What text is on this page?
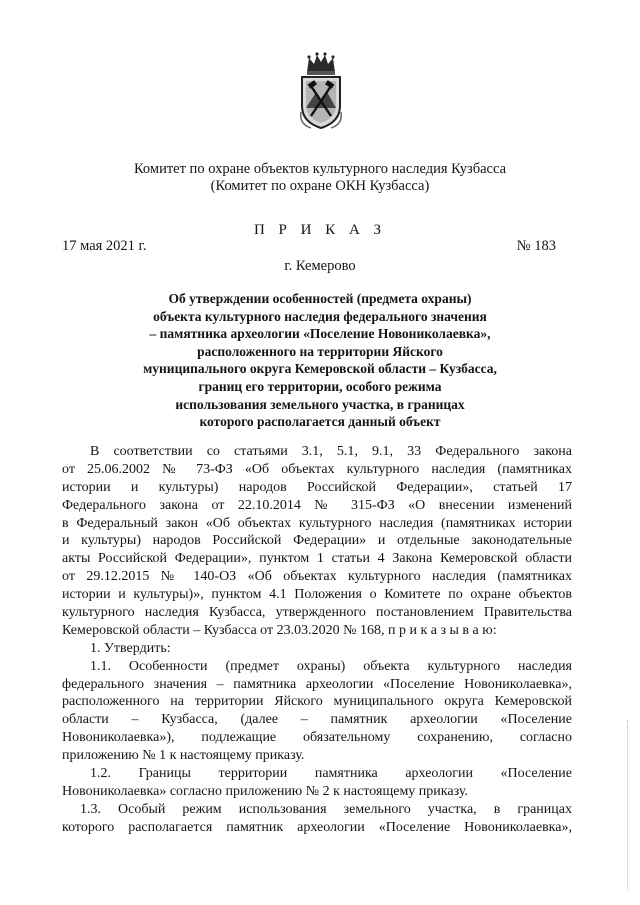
Комитет по охране объектов культурного наследия Кузбасса
(Комитет по охране ОКН Кузбасса)
П Р И К А З
17 мая 2021 г.	№ 183
г. Кемерово
Об утверждении особенностей (предмета охраны)
объекта культурного наследия федерального значения
– памятника археологии «Поселение Новониколаевка»,
расположенного на территории Яйского
муниципального округа Кемеровской области – Кузбасса,
границ его территории, особого режима
использования земельного участка, в границах
которого располагается данный объект
В соответствии со статьями 3.1, 5.1, 9.1, 33 Федерального закона
от 25.06.2002 № 73-ФЗ «Об объектах культурного наследия (памятниках
истории и культуры) народов Российской Федерации», статьей 17
Федерального закона от 22.10.2014 № 315-ФЗ «О внесении изменений
в Федеральный закон «Об объектах культурного наследия (памятниках истории
и культуры) народов Российской Федерации» и отдельные законодательные
акты Российской Федерации», пунктом 1 статьи 4 Закона Кемеровской области
от 29.12.2015 № 140-ОЗ «Об объектах культурного наследия (памятниках
истории и культуры)», пунктом 4.1 Положения о Комитете по охране объектов
культурного наследия Кузбасса, утвержденного постановлением Правительства
Кемеровской области – Кузбасса от 23.03.2020 № 168, п р и к а з ы в а ю:
1. Утвердить:
1.1. Особенности (предмет охраны) объекта культурного наследия
федерального значения – памятника археологии «Поселение Новониколаевка»,
расположенного на территории Яйского муниципального округа Кемеровской
области – Кузбасса, (далее – памятник археологии «Поселение
Новониколаевка»), подлежащие обязательному сохранению, согласно
приложению № 1 к настоящему приказу.
1.2. Границы территории памятника археологии «Поселение
Новониколаевка» согласно приложению № 2 к настоящему приказу.
1.3. Особый режим использования земельного участка, в границах
которого располагается памятник археологии «Поселение Новониколаевка»,
